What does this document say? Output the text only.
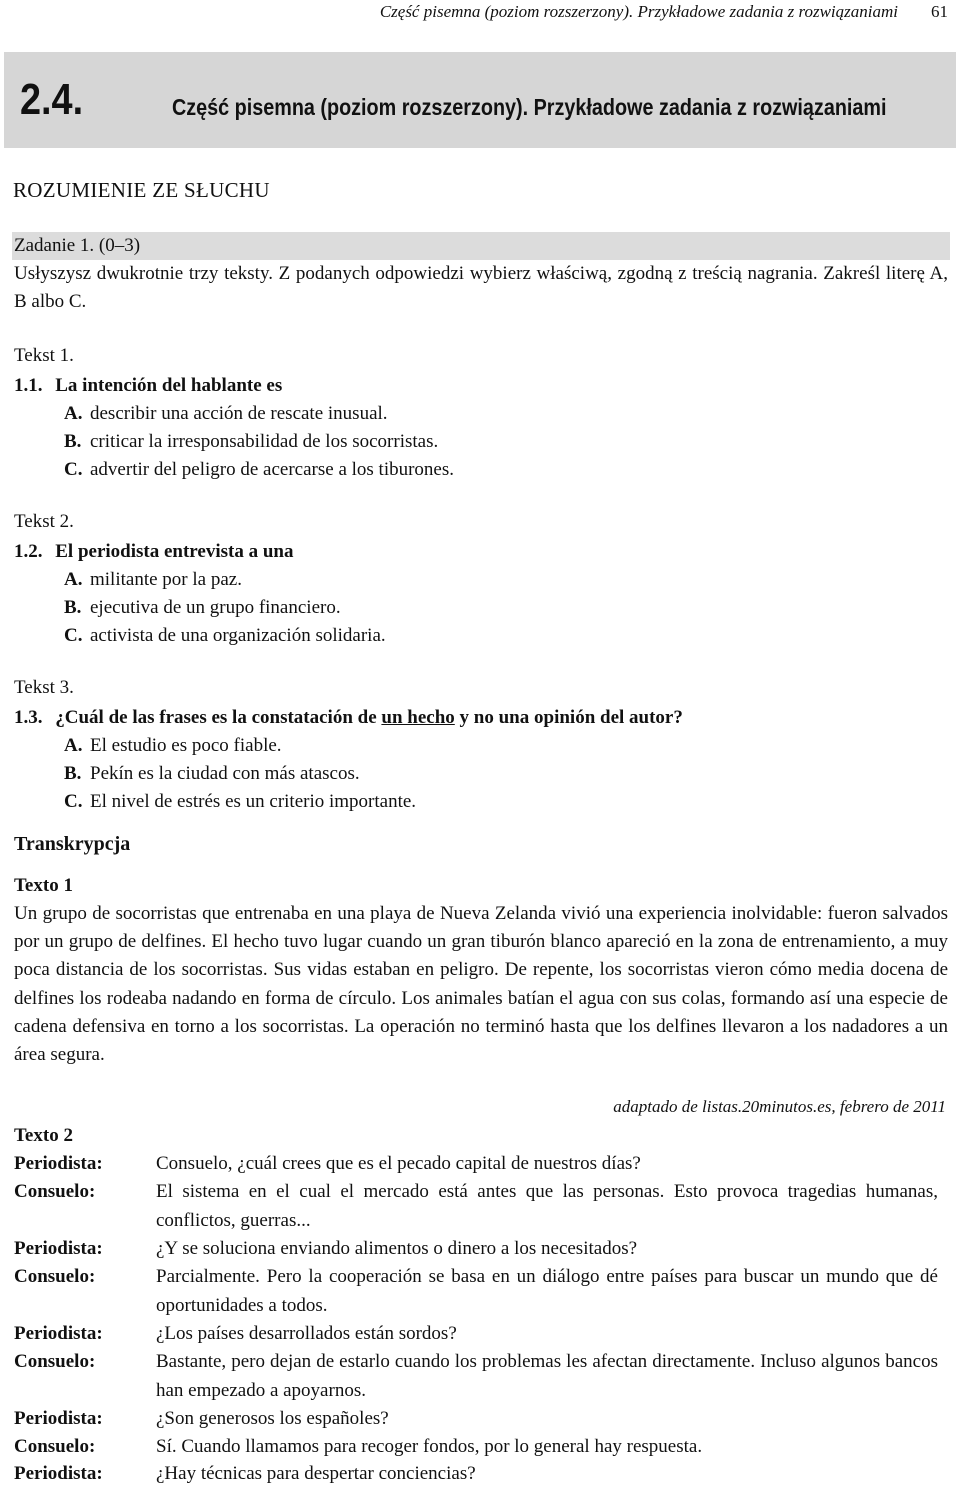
Część pisemna (poziom rozszerzony). Przykładowe zadania z rozwiązaniami 61
2.4.	Część pisemna (poziom rozszerzony). Przykładowe zadania z rozwiązaniami
ROZUMIENIE ZE SŁUCHU
Zadanie 1. (0–3)
Usłyszysz dwukrotnie trzy teksty. Z podanych odpowiedzi wybierz właściwą, zgodną z treścią nagrania. Zakreśl literę A, B albo C.
Tekst 1.
1.1. La intención del hablante es
A. describir una acción de rescate inusual.
B. criticar la irresponsabilidad de los socorristas.
C. advertir del peligro de acercarse a los tiburones.
Tekst 2.
1.2. El periodista entrevista a una
A. militante por la paz.
B. ejecutiva de un grupo financiero.
C. activista de una organización solidaria.
Tekst 3.
1.3. ¿Cuál de las frases es la constatación de un hecho y no una opinión del autor?
A. El estudio es poco fiable.
B. Pekín es la ciudad con más atascos.
C. El nivel de estrés es un criterio importante.
Transkrypcja
Texto 1
Un grupo de socorristas que entrenaba en una playa de Nueva Zelanda vivió una experiencia inolvidable: fueron salvados por un grupo de delfines. El hecho tuvo lugar cuando un gran tiburón blanco apareció en la zona de entrenamiento, a muy poca distancia de los socorristas. Sus vidas estaban en peligro. De repente, los socorristas vieron cómo media docena de delfines los rodeaba nadando en forma de círculo. Los animales batían el agua con sus colas, formando así una especie de cadena defensiva en torno a los socorristas. La operación no terminó hasta que los delfines llevaron a los nadadores a un área segura.
adaptado de listas.20minutos.es, febrero de 2011
Texto 2
Periodista:	Consuelo, ¿cuál crees que es el pecado capital de nuestros días?
Consuelo:	El sistema en el cual el mercado está antes que las personas. Esto provoca tragedias humanas, conflictos, guerras...
Periodista:	¿Y se soluciona enviando alimentos o dinero a los necesitados?
Consuelo:	Parcialmente. Pero la cooperación se basa en un diálogo entre países para buscar un mundo que dé oportunidades a todos.
Periodista:	¿Los países desarrollados están sordos?
Consuelo:	Bastante, pero dejan de estarlo cuando los problemas les afectan directamente. Incluso algunos bancos han empezado a apoyarnos.
Periodista:	¿Son generosos los españoles?
Consuelo:	Sí. Cuando llamamos para recoger fondos, por lo general hay respuesta.
Periodista:	¿Hay técnicas para despertar conciencias?
